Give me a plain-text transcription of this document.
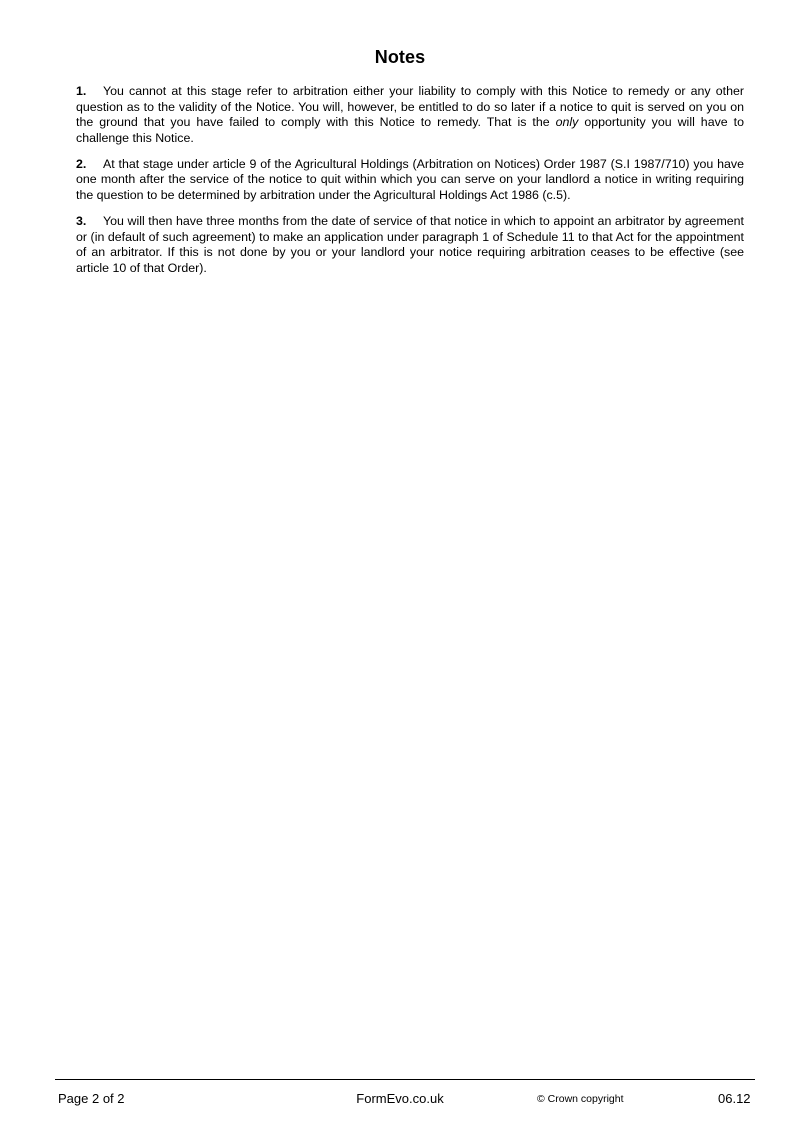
Notes

1. You cannot at this stage refer to arbitration either your liability to comply with this Notice to remedy or any other question as to the validity of the Notice. You will, however, be entitled to do so later if a notice to quit is served on you on the ground that you have failed to comply with this Notice to remedy. That is the only opportunity you will have to challenge this Notice.

2. At that stage under article 9 of the Agricultural Holdings (Arbitration on Notices) Order 1987 (S.I 1987/710) you have one month after the service of the notice to quit within which you can serve on your landlord a notice in writing requiring the question to be determined by arbitration under the Agricultural Holdings Act 1986 (c.5).

3. You will then have three months from the date of service of that notice in which to appoint an arbitrator by agreement or (in default of such agreement) to make an application under paragraph 1 of Schedule 11 to that Act for the appointment of an arbitrator. If this is not done by you or your landlord your notice requiring arbitration ceases to be effective (see article 10 of that Order).

Page 2 of 2	FormEvo.co.uk	© Crown copyright	06.12
